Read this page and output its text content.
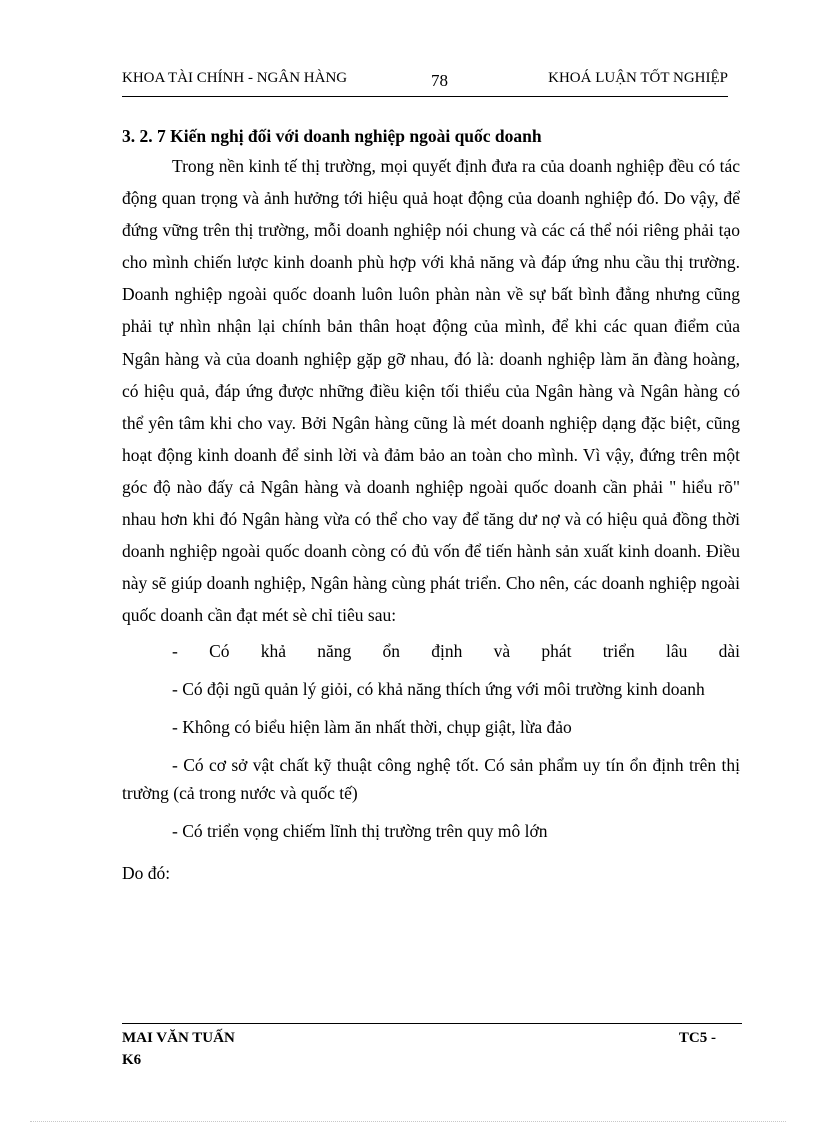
KHOA TÀI CHÍNH - NGÂN HÀNG	78	KHOÁ LUẬN TỐT NGHIỆP

3. 2. 7 Kiến nghị đối với doanh nghiệp ngoài quốc doanh

Trong nền kinh tế thị trường, mọi quyết định đưa ra của doanh nghiệp đều có tác động quan trọng và ảnh hưởng tới hiệu quả hoạt động của doanh nghiệp đó. Do vậy, để đứng vững trên thị trường, mỗi doanh nghiệp nói chung và các cá thể nói riêng phải tạo cho mình chiến lược kinh doanh phù hợp với khả năng và đáp ứng nhu cầu thị trường. Doanh nghiệp ngoài quốc doanh luôn luôn phàn nàn về sự bất bình đẳng nhưng cũng phải tự nhìn nhận lại chính bản thân hoạt động của mình, để khi các quan điểm của Ngân hàng và của doanh nghiệp gặp gỡ nhau, đó là: doanh nghiệp làm ăn đàng hoàng, có hiệu quả, đáp ứng được những điều kiện tối thiểu của Ngân hàng và Ngân hàng có thể yên tâm khi cho vay. Bởi Ngân hàng cũng là mét doanh nghiệp dạng đặc biệt, cũng hoạt động kinh doanh để sinh lời và đảm bảo an toàn cho mình. Vì vậy, đứng trên một góc độ nào đấy cả Ngân hàng và doanh nghiệp ngoài quốc doanh cần phải " hiểu rõ" nhau hơn khi đó Ngân hàng vừa có thể cho vay để tăng dư nợ và có hiệu quả đồng thời doanh nghiệp ngoài quốc doanh còng có đủ vốn để tiến hành sản xuất kinh doanh. Điều này sẽ giúp doanh nghiệp, Ngân hàng cùng phát triển. Cho nên, các doanh nghiệp ngoài quốc doanh cần đạt mét sè chỉ tiêu sau:

- Có khả năng ổn định và phát triển lâu dài

- Có đội ngũ quản lý giỏi, có khả năng thích ứng với môi trường kinh doanh

- Không có biểu hiện làm ăn nhất thời, chụp giật, lừa đảo

- Có cơ sở vật chất kỹ thuật công nghệ tốt. Có sản phẩm uy tín ổn định trên thị trường (cả trong nước và quốc tế)

- Có triển vọng chiếm lĩnh thị trường trên quy mô lớn

Do đó:

MAI VĂN TUẤN	TC5 -
K6
